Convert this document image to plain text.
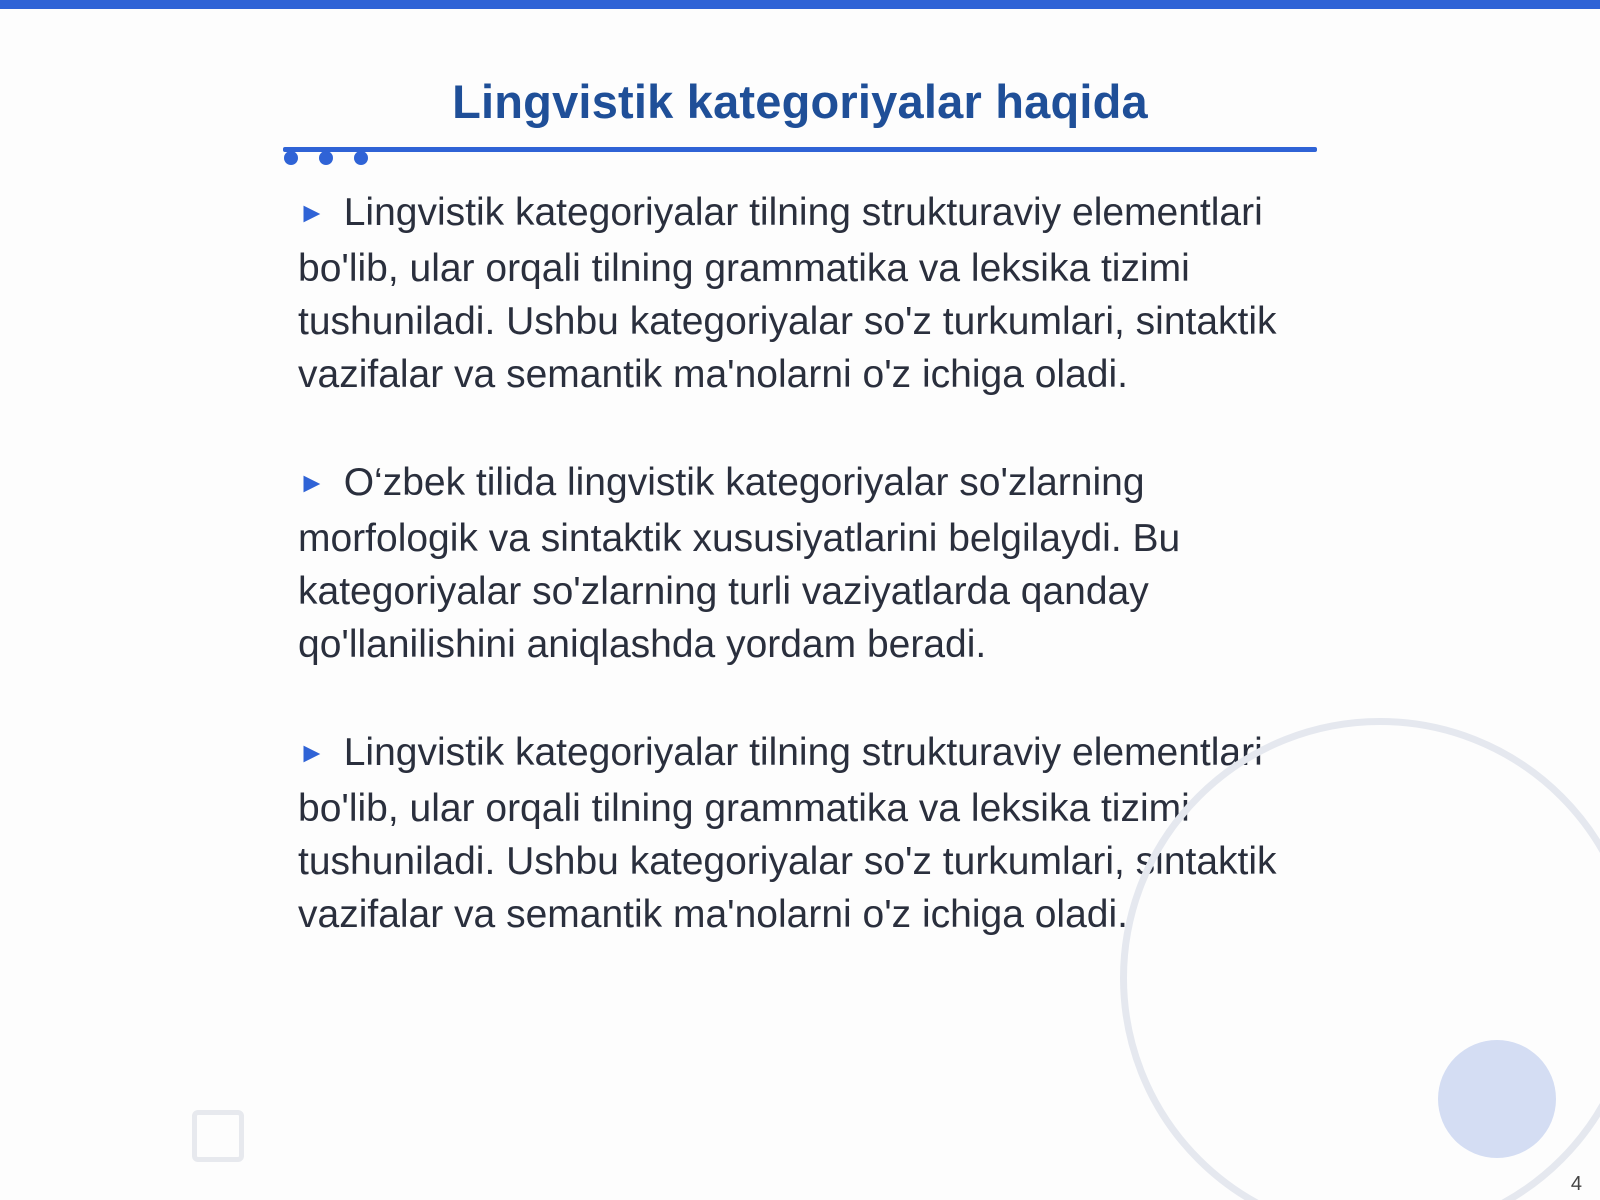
Lingvistik kategoriyalar haqida

► Lingvistik kategoriyalar tilning strukturaviy elementlari bo'lib, ular orqali tilning grammatika va leksika tizimi tushuniladi. Ushbu kategoriyalar so'z turkumlari, sintaktik vazifalar va semantik ma'nolarni o'z ichiga oladi.

► O‘zbek tilida lingvistik kategoriyalar so'zlarning morfologik va sintaktik xususiyatlarini belgilaydi. Bu kategoriyalar so'zlarning turli vaziyatlarda qanday qo'llanilishini aniqlashda yordam beradi.

► Lingvistik kategoriyalar tilning strukturaviy elementlari bo'lib, ular orqali tilning grammatika va leksika tizimi tushuniladi. Ushbu kategoriyalar so'z turkumlari, sintaktik vazifalar va semantik ma'nolarni o'z ichiga oladi.

4
